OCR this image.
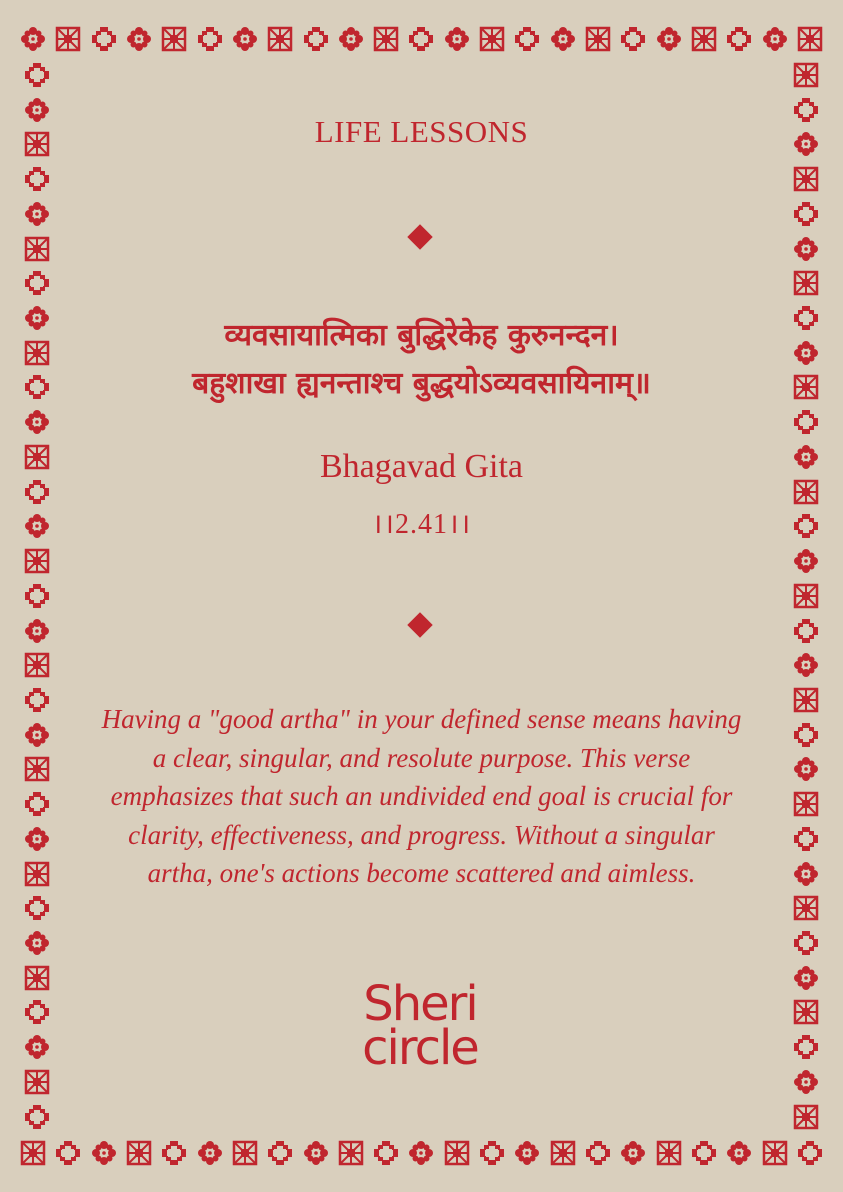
LIFE LESSONS
व्यवसायात्मिका बुद्धिरेकेह कुरुनन्दन।
बहुशाखा ह्यनन्ताश्च बुद्धयोऽव्यवसायिनाम्॥
Bhagavad Gita
।।2.41।।
Having a "good artha" in your defined sense means having a clear, singular, and resolute purpose. This verse emphasizes that such an undivided end goal is crucial for clarity, effectiveness, and progress. Without a singular artha, one's actions become scattered and aimless.
Sheri
circle
